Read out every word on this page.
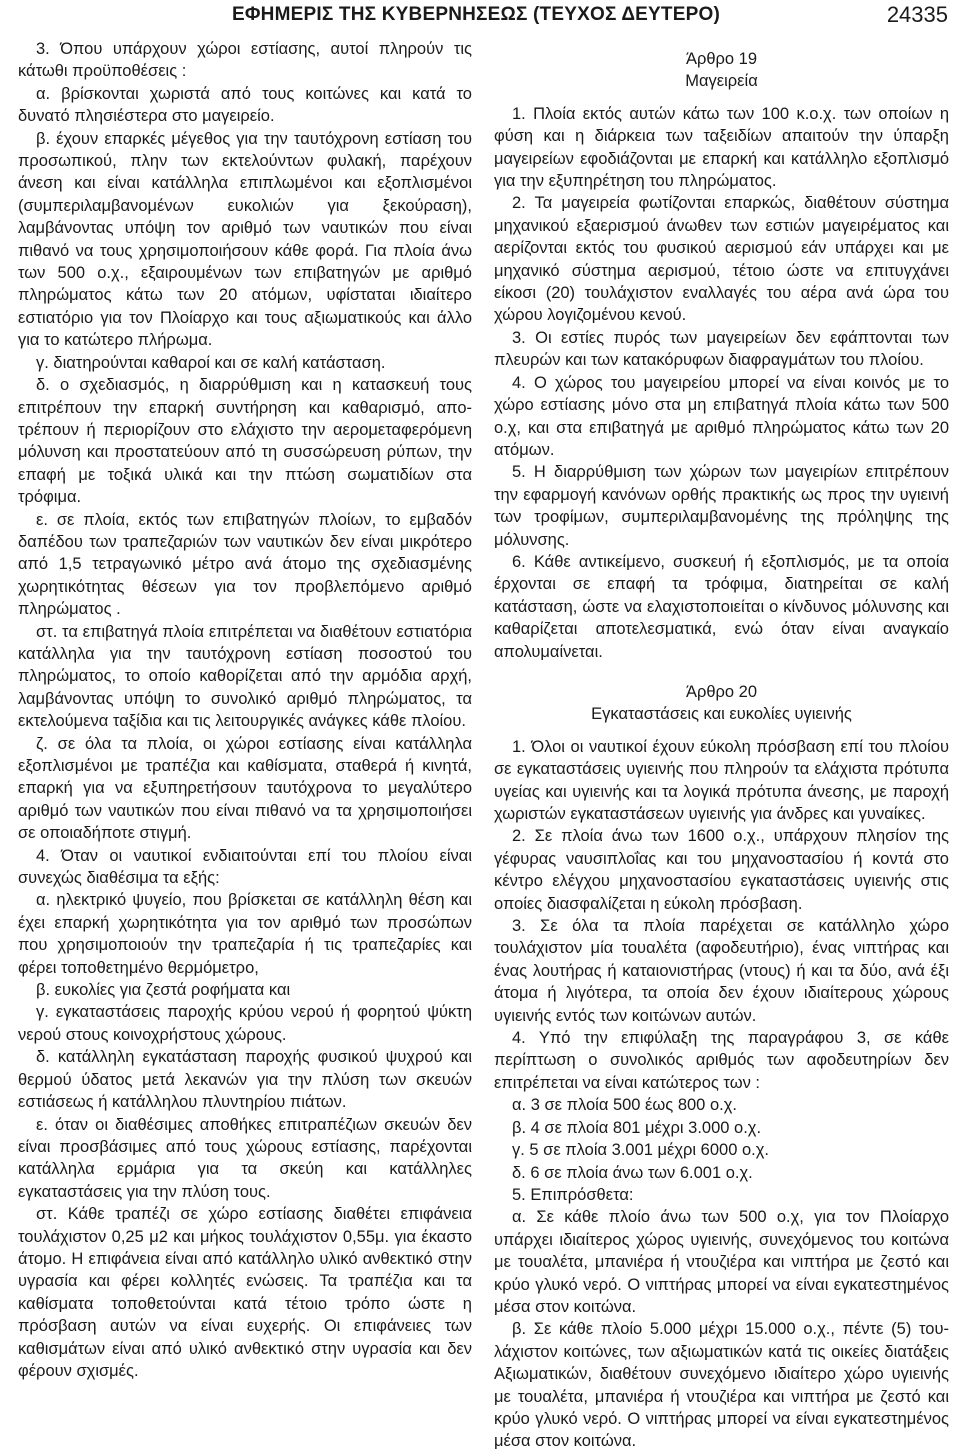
ΕΦΗΜΕΡΙΣ ΤΗΣ ΚΥΒΕΡΝΗΣΕΩΣ (ΤΕΥΧΟΣ ΔΕΥΤΕΡΟ)	24335

3. Όπου υπάρχουν χώροι εστίασης, αυτοί πληρούν τις κάτωθι προϋποθέσεις :

α. βρίσκονται χωριστά από τους κοιτώνες και κατά το δυνατό πλησιέστερα στο μαγειρείο.

β. έχουν επαρκές μέγεθος για την ταυτόχρονη εστίαση του προσωπικού, πλην των εκτελούντων φυλακή, παρέχουν άνεση και είναι κατάλληλα επιπλωμένοι και εξοπλισμένοι (συμπεριλαμβανομένων ευκολιών για ξεκούραση), λαμβάνοντας υπόψη τον αριθμό των ναυτικών που είναι πιθανό να τους χρησιμοποιήσουν κάθε φορά. Για πλοία άνω των 500 ο.χ., εξαιρουμένων των επιβατηγών με αριθμό πληρώματος κάτω των 20 ατόμων, υφίσταται ιδιαίτερο εστιατόριο για τον Πλοίαρχο και τους αξιωματικούς και άλλο για το κατώτερο πλήρωμα.

γ. διατηρούνται καθαροί και σε καλή κατάσταση.

δ. ο σχεδιασμός, η διαρρύθμιση και η κατασκευή τους επιτρέπουν την επαρκή συντήρηση και καθαρισμό, αποτρέπουν ή περιορίζουν στο ελάχιστο την αερομεταφερόμενη μόλυνση και προστατεύουν από τη συσσώρευση ρύπων, την επαφή με τοξικά υλικά και την πτώση σωματιδίων στα τρόφιμα.

ε. σε πλοία, εκτός των επιβατηγών πλοίων, το εμβαδόν δαπέδου των τραπεζαριών των ναυτικών δεν είναι μικρότερο από 1,5 τετραγωνικό μέτρο ανά άτομο της σχεδιασμένης χωρητικότητας θέσεων για τον προβλεπόμενο αριθμό πληρώματος .

στ. τα επιβατηγά πλοία επιτρέπεται να διαθέτουν εστιατόρια κατάλληλα για την ταυτόχρονη εστίαση ποσοστού του πληρώματος, το οποίο καθορίζεται από την αρμόδια αρχή, λαμβάνοντας υπόψη το συνολικό αριθμό πληρώματος, τα εκτελούμενα ταξίδια και τις λειτουργικές ανάγκες κάθε πλοίου.

ζ. σε όλα τα πλοία, οι χώροι εστίασης είναι κατάλληλα εξοπλισμένοι με τραπέζια και καθίσματα, σταθερά ή κινητά, επαρκή για να εξυπηρετήσουν ταυτόχρονα το μεγαλύτερο αριθμό των ναυτικών που είναι πιθανό να τα χρησιμοποιήσει σε οποιαδήποτε στιγμή.

4. Όταν οι ναυτικοί ενδιαιτούνται επί του πλοίου είναι συνεχώς διαθέσιμα τα εξής:

α. ηλεκτρικό ψυγείο, που βρίσκεται σε κατάλληλη θέση και έχει επαρκή χωρητικότητα για τον αριθμό των προσώπων που χρησιμοποιούν την τραπεζαρία ή τις τραπεζαρίες και φέρει τοποθετημένο θερμόμετρο,

β. ευκολίες για ζεστά ροφήματα και

γ. εγκαταστάσεις παροχής κρύου νερού ή φορητού ψύκτη νερού στους κοινοχρήστους χώρους.

δ. κατάλληλη εγκατάσταση παροχής φυσικού ψυχρού και θερμού ύδατος μετά λεκανών για την πλύση των σκευών εστιάσεως ή κατάλληλου πλυντηρίου πιάτων.

ε. όταν οι διαθέσιμες αποθήκες επιτραπέζιων σκευών δεν είναι προσβάσιμες από τους χώρους εστίασης, παρέχονται κατάλληλα ερμάρια για τα σκεύη και κατάλληλες εγκαταστάσεις για την πλύση τους.

στ. Κάθε τραπέζι σε χώρο εστίασης διαθέτει επιφάνεια τουλάχιστον 0,25 μ2 και μήκος τουλάχιστον 0,55μ. για έκαστο άτομο. Η επιφάνεια είναι από κατάλληλο υλικό ανθεκτικό στην υγρασία και φέρει κολλητές ενώσεις. Τα τραπέζια και τα καθίσματα τοποθετούνται κατά τέτοιο τρόπο ώστε η πρόσβαση αυτών να είναι ευχερής. Οι επιφάνειες των καθισμάτων είναι από υλικό ανθεκτικό στην υγρασία και δεν φέρουν σχισμές.

Άρθρο 19

Μαγειρεία

1. Πλοία εκτός αυτών κάτω των 100 κ.ο.χ. των οποίων η φύση και η διάρκεια των ταξειδίων απαιτούν την ύπαρξη μαγειρείων εφοδιάζονται με επαρκή και κατάλληλο εξοπλισμό για την εξυπηρέτηση του πληρώματος.

2. Τα μαγειρεία φωτίζονται επαρκώς, διαθέτουν σύστημα μηχανικού εξαερισμού άνωθεν των εστιών μαγειρέματος και αερίζονται εκτός του φυσικού αερισμού εάν υπάρχει και με μηχανικό σύστημα αερισμού, τέτοιο ώστε να επιτυγχάνει είκοσι (20) τουλάχιστον εναλλαγές του αέρα ανά ώρα του χώρου λογιζομένου κενού.

3. Οι εστίες πυρός των μαγειρείων δεν εφάπτονται των πλευρών και των κατακόρυφων διαφραγμάτων του πλοίου.

4. Ο χώρος του μαγειρείου μπορεί να είναι κοινός με το χώρο εστίασης μόνο στα μη επιβατηγά πλοία κάτω των 500 ο.χ, και στα επιβατηγά με αριθμό πληρώματος κάτω των 20 ατόμων.

5. Η διαρρύθμιση των χώρων των μαγειρίων επιτρέπουν την εφαρμογή κανόνων ορθής πρακτικής ως προς την υγιεινή των τροφίμων, συμπεριλαμβανομένης της πρόληψης της μόλυνσης.

6. Κάθε αντικείμενο, συσκευή ή εξοπλισμός, με τα οποία έρχονται σε επαφή τα τρόφιμα, διατηρείται σε καλή κατάσταση, ώστε να ελαχιστοποιείται ο κίνδυνος μόλυνσης και καθαρίζεται αποτελεσματικά, ενώ όταν είναι αναγκαίο απολυμαίνεται.

Άρθρο 20

Εγκαταστάσεις και ευκολίες υγιεινής

1. Όλοι οι ναυτικοί έχουν εύκολη πρόσβαση επί του πλοίου σε εγκαταστάσεις υγιεινής που πληρούν τα ελάχιστα πρότυπα υγείας και υγιεινής και τα λογικά πρότυπα άνεσης, με παροχή χωριστών εγκαταστάσεων υγιεινής για άνδρες και γυναίκες.

2. Σε πλοία άνω των 1600 ο.χ., υπάρχουν πλησίον της γέφυρας ναυσιπλοΐας και του μηχανοστασίου ή κοντά στο κέντρο ελέγχου μηχανοστασίου εγκαταστάσεις υγιεινής στις οποίες διασφαλίζεται η εύκολη πρόσβαση.

3. Σε όλα τα πλοία παρέχεται σε κατάλληλο χώρο τουλάχιστον μία τουαλέτα (αφοδευτήριο), ένας νιπτήρας και ένας λουτήρας ή καταιονιστήρας (ντους) ή και τα δύο, ανά έξι άτομα ή λιγότερα, τα οποία δεν έχουν ιδιαίτερους χώρους υγιεινής εντός των κοιτώνων αυτών.

4. Υπό την επιφύλαξη της παραγράφου 3, σε κάθε περίπτωση ο συνολικός αριθμός των αφοδευτηρίων δεν επιτρέπεται να είναι κατώτερος των :

α. 3 σε πλοία 500 έως 800 ο.χ.

β. 4 σε πλοία 801 μέχρι 3.000 ο.χ.

γ. 5 σε πλοία 3.001 μέχρι 6000 ο.χ.

δ. 6 σε πλοία άνω των 6.001 ο.χ.

5. Επιπρόσθετα:

α. Σε κάθε πλοίο άνω των 500 ο.χ, για τον Πλοίαρχο υπάρχει ιδιαίτερος χώρος υγιεινής, συνεχόμενος του κοιτώνα με τουαλέτα, μπανιέρα ή ντουζιέρα και νιπτήρα με ζεστό και κρύο γλυκό νερό. Ο νιπτήρας μπορεί να είναι εγκατεστημένος μέσα στον κοιτώνα.

β. Σε κάθε πλοίο 5.000 μέχρι 15.000 ο.χ., πέντε (5) τουλάχιστον κοιτώνες, των αξιωματικών κατά τις οικείες διατάξεις Αξιωματικών, διαθέτουν συνεχόμενο ιδιαίτερο χώρο υγιεινής με τουαλέτα, μπανιέρα ή ντουζιέρα και νιπτήρα με ζεστό και κρύο γλυκό νερό. Ο νιπτήρας μπορεί να είναι εγκατεστημένος μέσα στον κοιτώνα.
